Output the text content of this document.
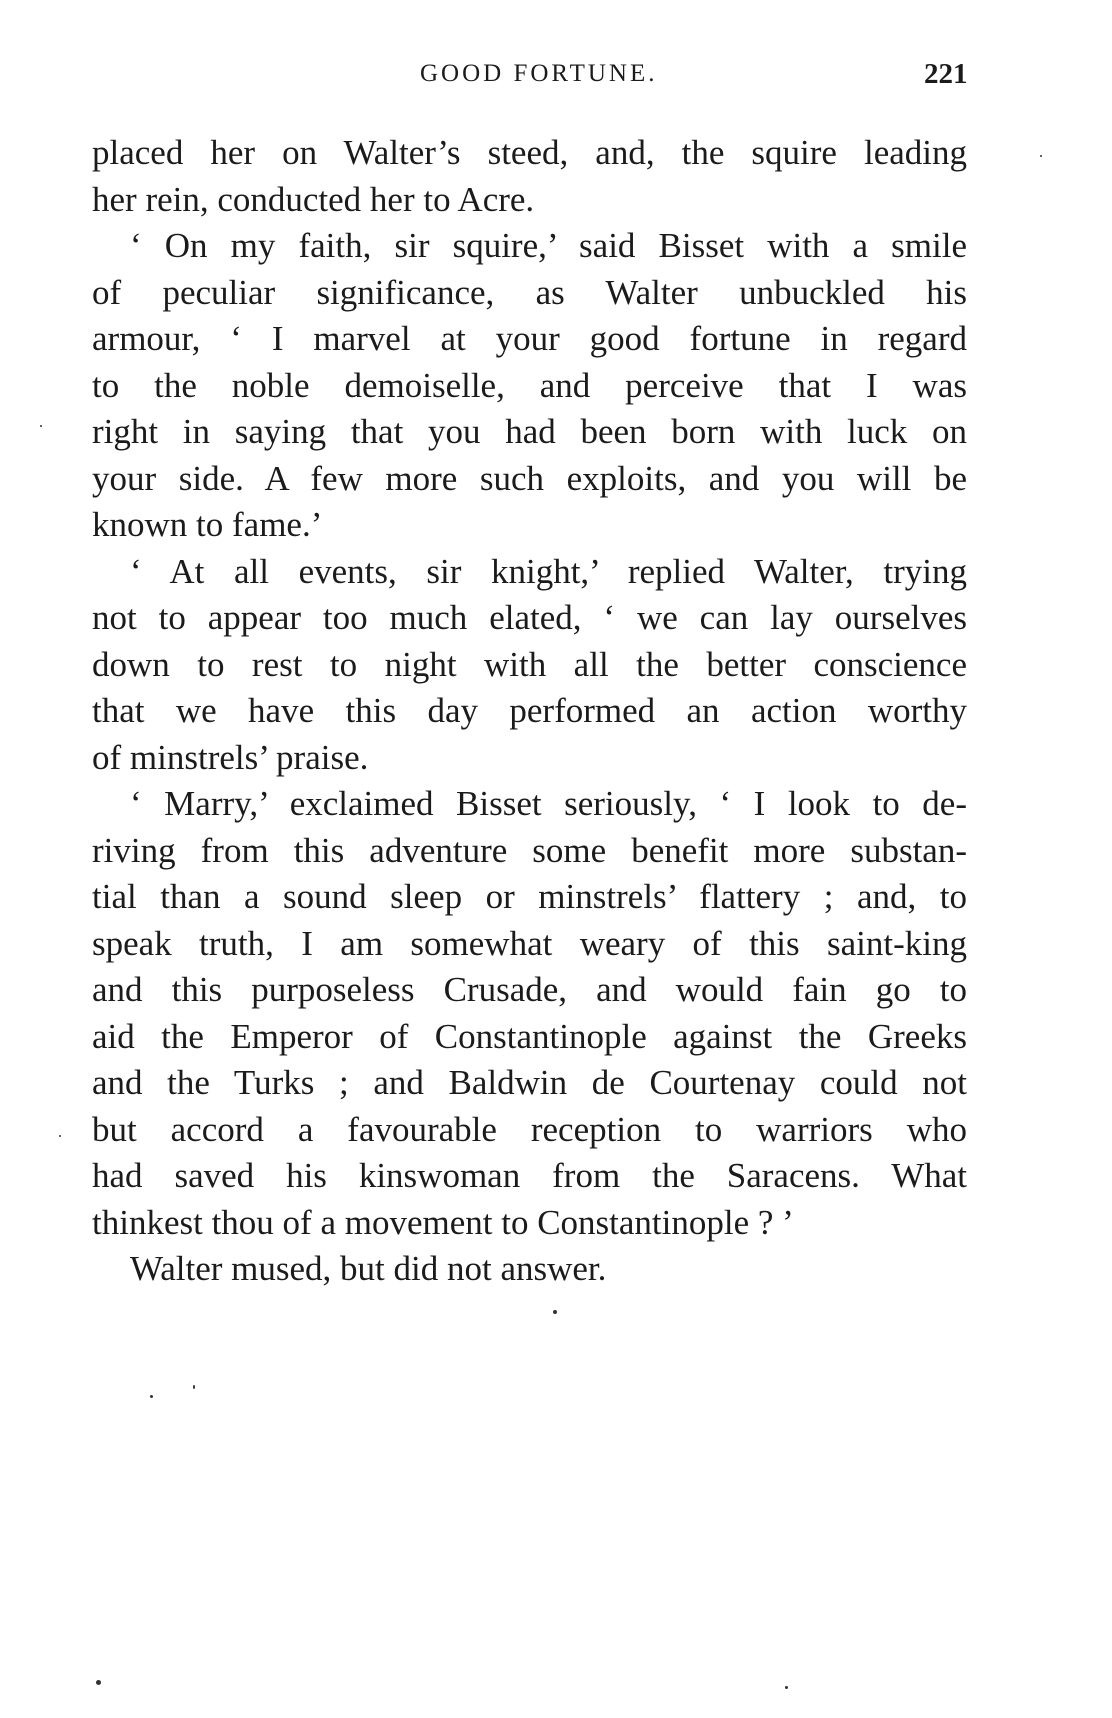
GOOD FORTUNE.	221
placed her on Walter’s steed, and, the squire leading
her rein, conducted her to Acre.
‘ On my faith, sir squire,’ said Bisset with a smile
of peculiar significance, as Walter unbuckled his
armour, ‘ I marvel at your good fortune in regard
to the noble demoiselle, and perceive that I was
right in saying that you had been born with luck on
your side. A few more such exploits, and you will be
known to fame.’
‘ At all events, sir knight,’ replied Walter, trying
not to appear too much elated, ‘ we can lay ourselves
down to rest to night with all the better conscience
that we have this day performed an action worthy
of minstrels’ praise.
‘ Marry,’ exclaimed Bisset seriously, ‘ I look to de-
riving from this adventure some benefit more substan-
tial than a sound sleep or minstrels’ flattery ; and, to
speak truth, I am somewhat weary of this saint-king
and this purposeless Crusade, and would fain go to
aid the Emperor of Constantinople against the Greeks
and the Turks ; and Baldwin de Courtenay could not
but accord a favourable reception to warriors who
had saved his kinswoman from the Saracens. What
thinkest thou of a movement to Constantinople ? ’
Walter mused, but did not answer.
